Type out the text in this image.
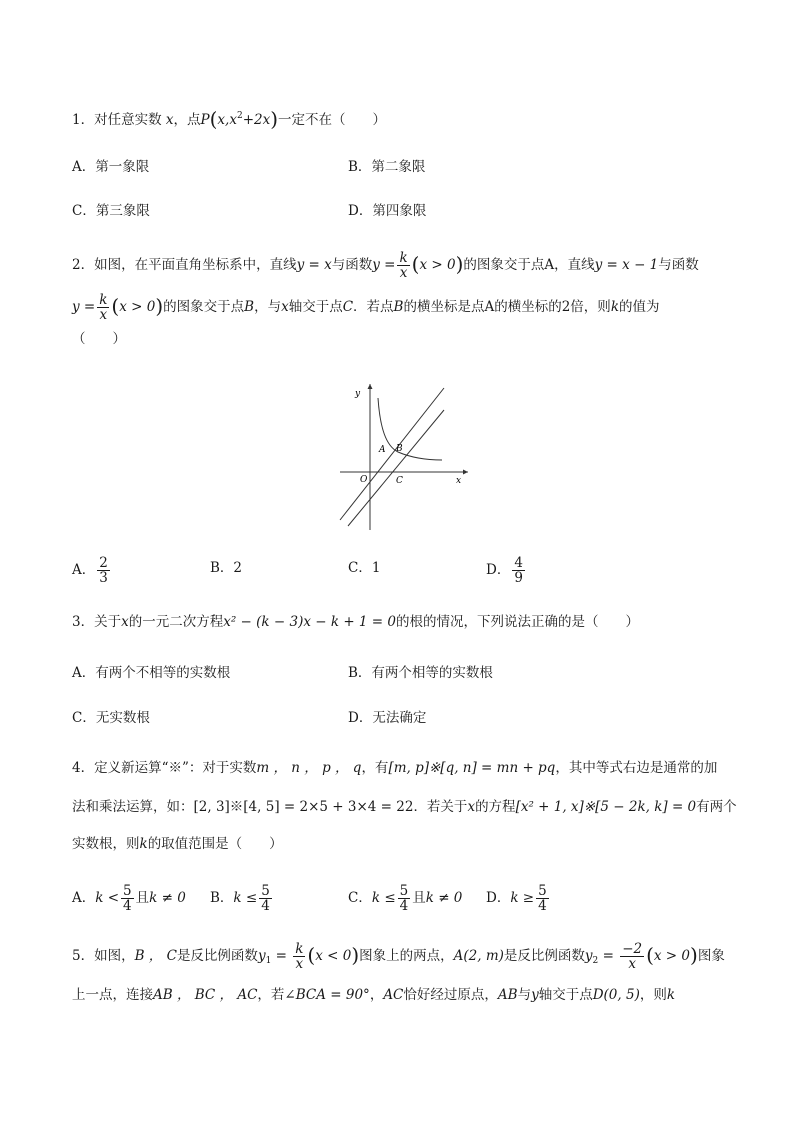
1．对任意实数 x，点$P(x,x^2+2x)$一定不在（　　）
A．第一象限	B．第二象限
C．第三象限	D．第四象限
2．如图，在平面直角坐标系中，直线y = x与函数$y = \frac{k}{x} (x > 0)$的图象交于点A，直线y = x − 1与函数
$y = \frac{k}{x} (x > 0)$的图象交于点B，与x轴交于点C．若点B的横坐标是点A的横坐标的2倍，则k的值为
（　　）
y
x
O
A B
C
A． $\frac{2}{3}$	B．2	C．1	D． $\frac{4}{9}$
3．关于x的一元二次方程x² − (k − 3)x − k + 1 = 0的根的情况，下列说法正确的是（　　）
A．有两个不相等的实数根	B．有两个相等的实数根
C．无实数根	D．无法确定
4．定义新运算“※”：对于实数m ， n ， p ， q，有[m, p]※[q, n] = mn + pq，其中等式右边是通常的加
法和乘法运算，如：[2, 3]※[4, 5] = 2×5 + 3×4 = 22．若关于x的方程[x² + 1, x]※[5 − 2k, k] = 0有两个
实数根，则k的取值范围是（　　）
A．$k < \frac{5}{4}$ 且k ≠ 0 B．$k \le \frac{5}{4}$	C．$k \le \frac{5}{4}$ 且k ≠ 0 D．$k \ge \frac{5}{4}$
5．如图，B ， C是反比例函数$y_1 = \frac{k}{x} (x < 0)$图象上的两点，A(2, m)是反比例函数$y_2 = \frac{-2}{x} (x > 0)$图象
上一点，连接AB ， BC ， AC，若∠BCA = 90°，AC恰好经过原点，AB与y轴交于点D(0, 5)，则k
